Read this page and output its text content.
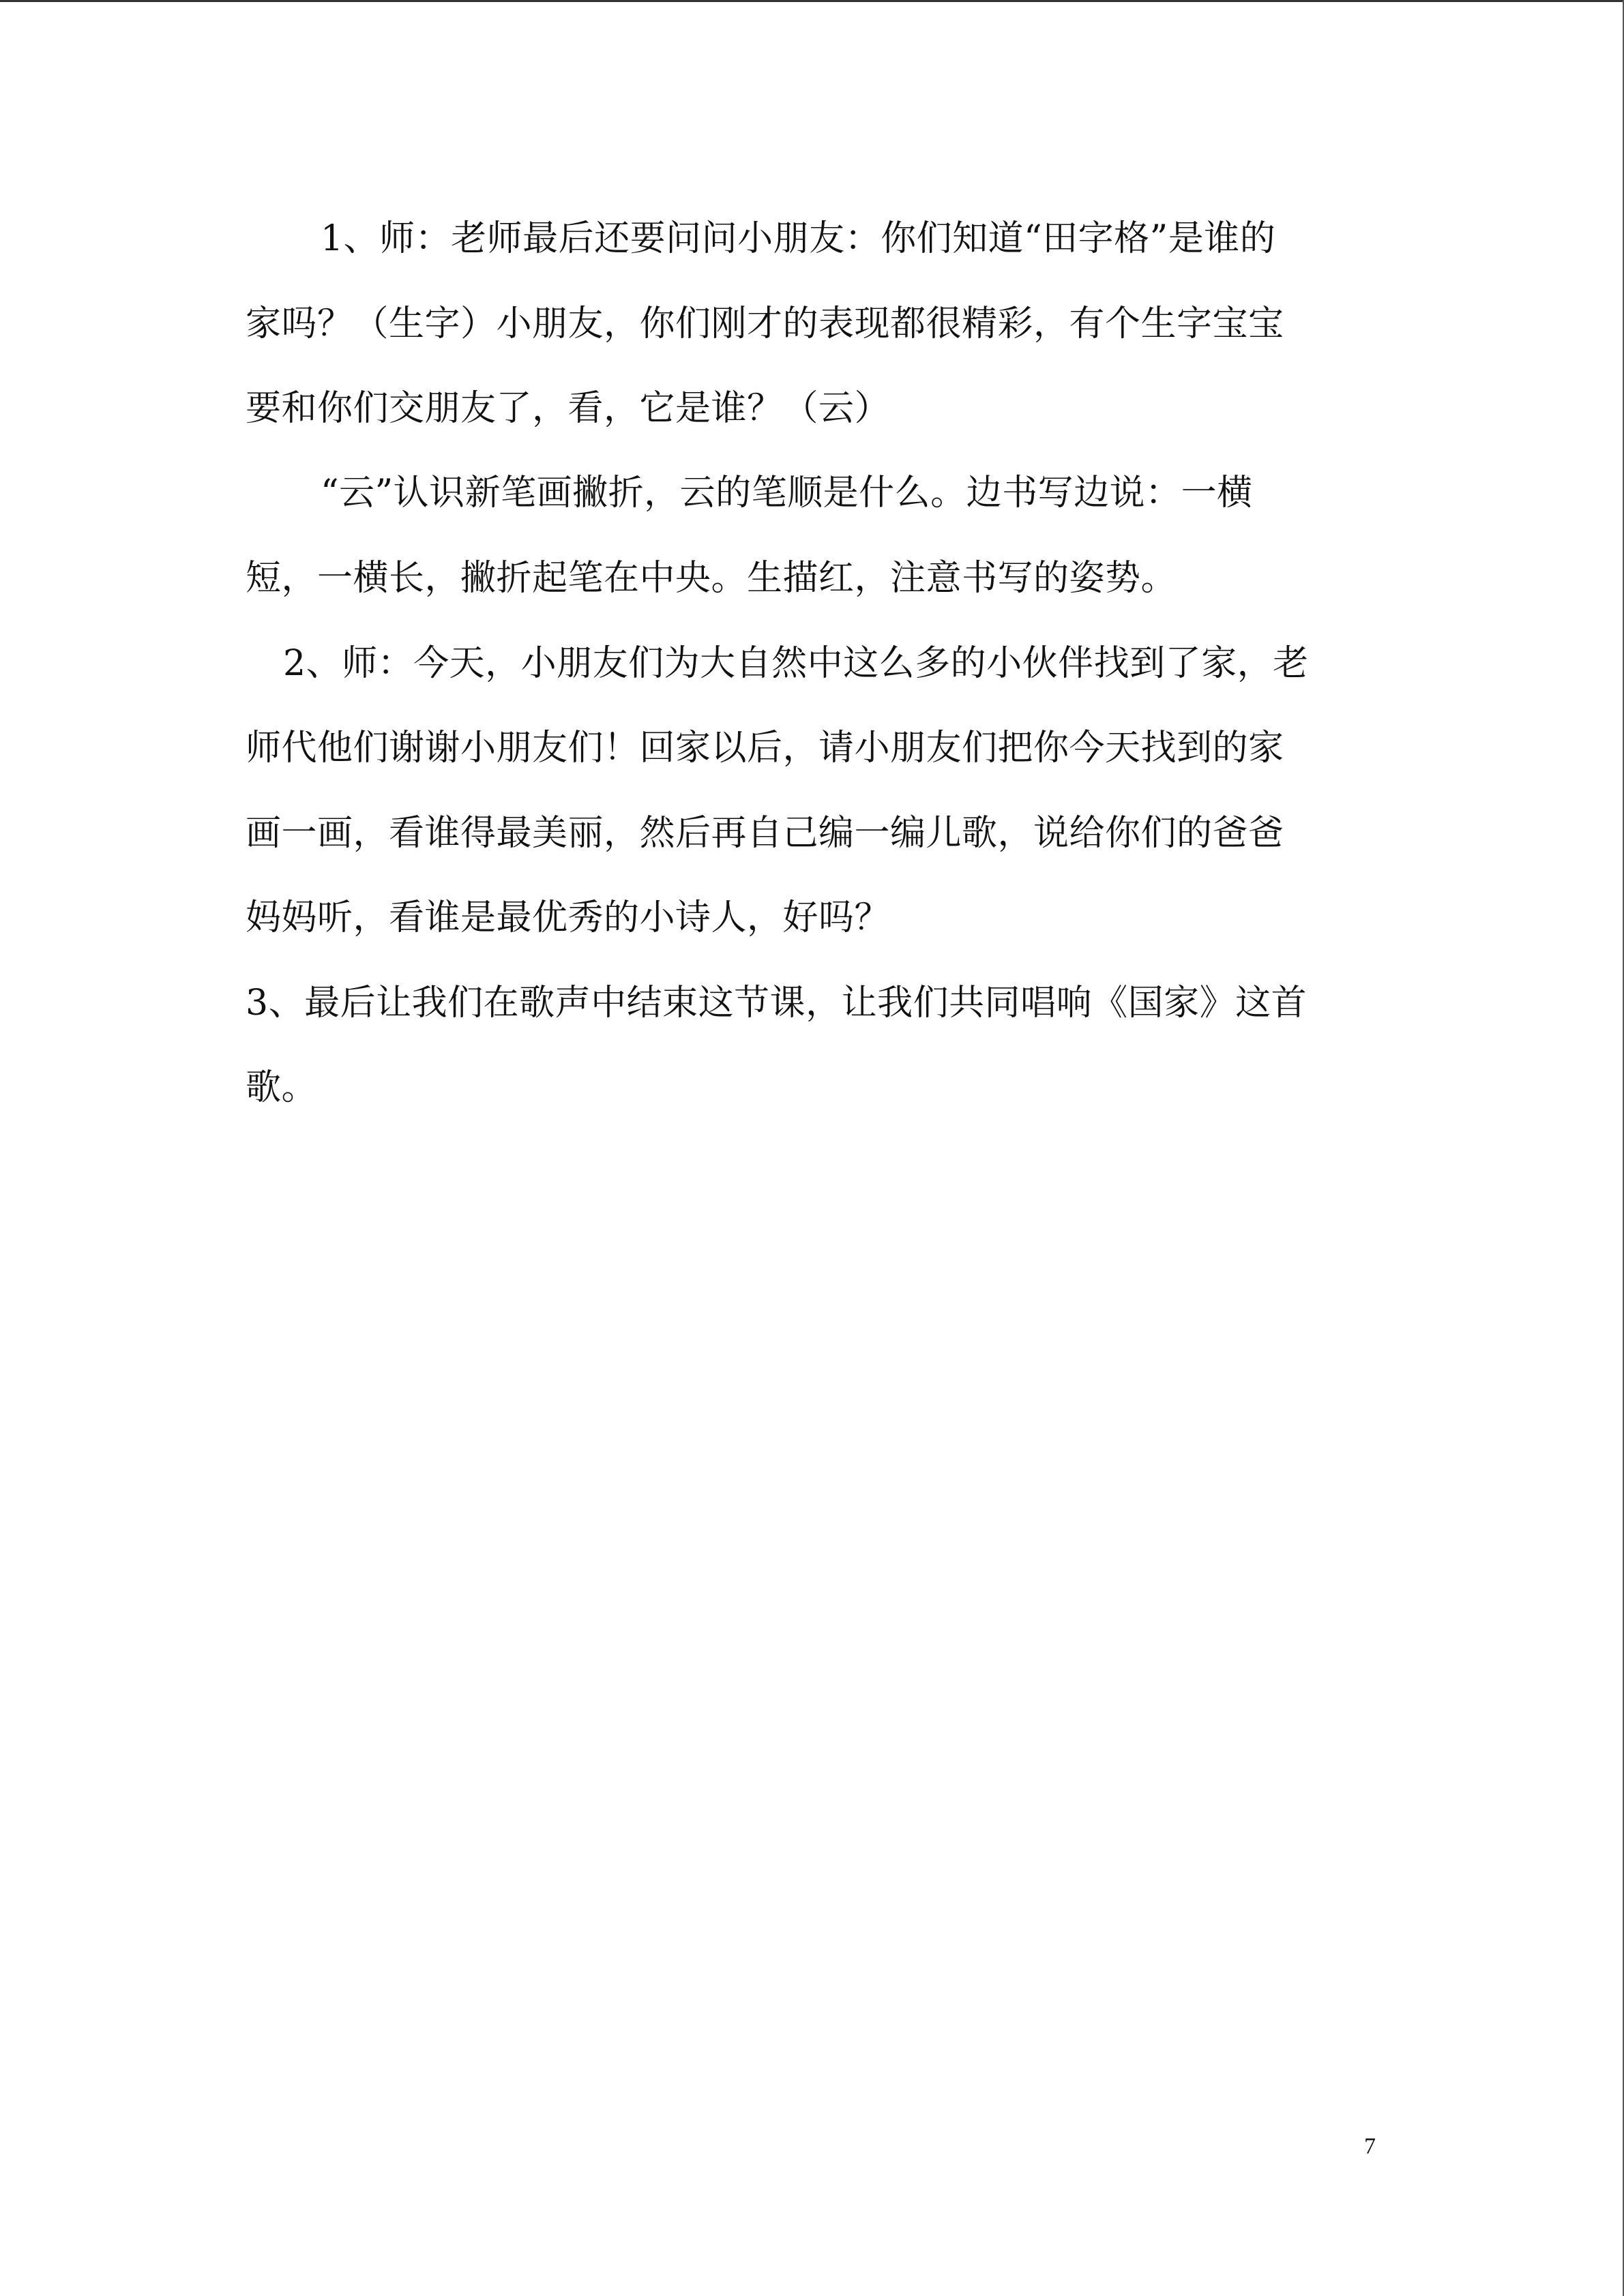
1、师：老师最后还要问问小朋友：你们知道“田字格”是谁的
家吗？（生字）小朋友，你们刚才的表现都很精彩，有个生字宝宝
要和你们交朋友了，看，它是谁？（云）
“云”认识新笔画撇折，云的笔顺是什么。边书写边说：一横
短，一横长，撇折起笔在中央。生描红，注意书写的姿势。
2、师：今天，小朋友们为大自然中这么多的小伙伴找到了家，老
师代他们谢谢小朋友们！回家以后，请小朋友们把你今天找到的家
画一画，看谁得最美丽，然后再自己编一编儿歌，说给你们的爸爸
妈妈听，看谁是最优秀的小诗人，好吗？
3、最后让我们在歌声中结束这节课，让我们共同唱响《国家》这首
歌。
7
